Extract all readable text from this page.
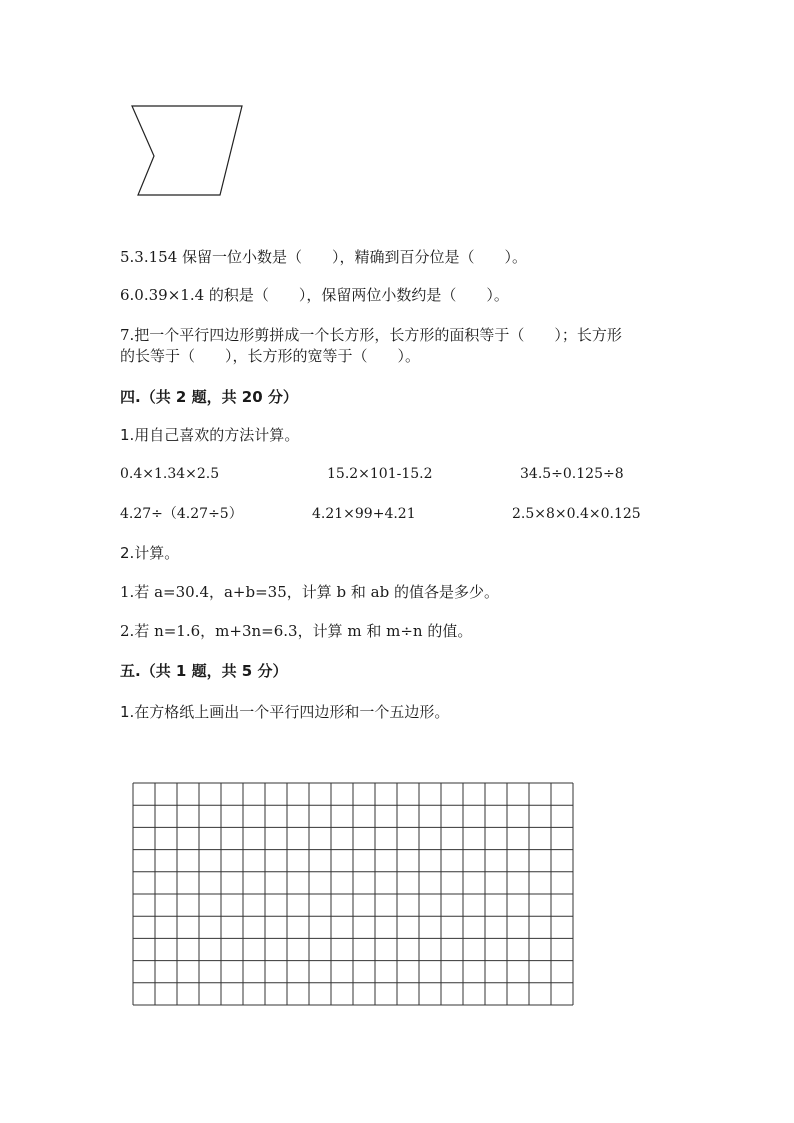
5.3.154 保留一位小数是（　　），精确到百分位是（　　）。
6.0.39×1.4 的积是（　　），保留两位小数约是（　　）。
7.把一个平行四边形剪拼成一个长方形，长方形的面积等于（　　）；长方形
的长等于（　　），长方形的宽等于（　　）。
四.（共 2 题，共 20 分）
1.用自己喜欢的方法计算。
0.4×1.34×2.5	15.2×101-15.2	34.5÷0.125÷8
4.27÷（4.27÷5）	4.21×99+4.21	2.5×8×0.4×0.125
2.计算。
1.若 a=30.4，a+b=35，计算 b 和 ab 的值各是多少。
2.若 n=1.6，m+3n=6.3，计算 m 和 m÷n 的值。
五.（共 1 题，共 5 分）
1.在方格纸上画出一个平行四边形和一个五边形。
